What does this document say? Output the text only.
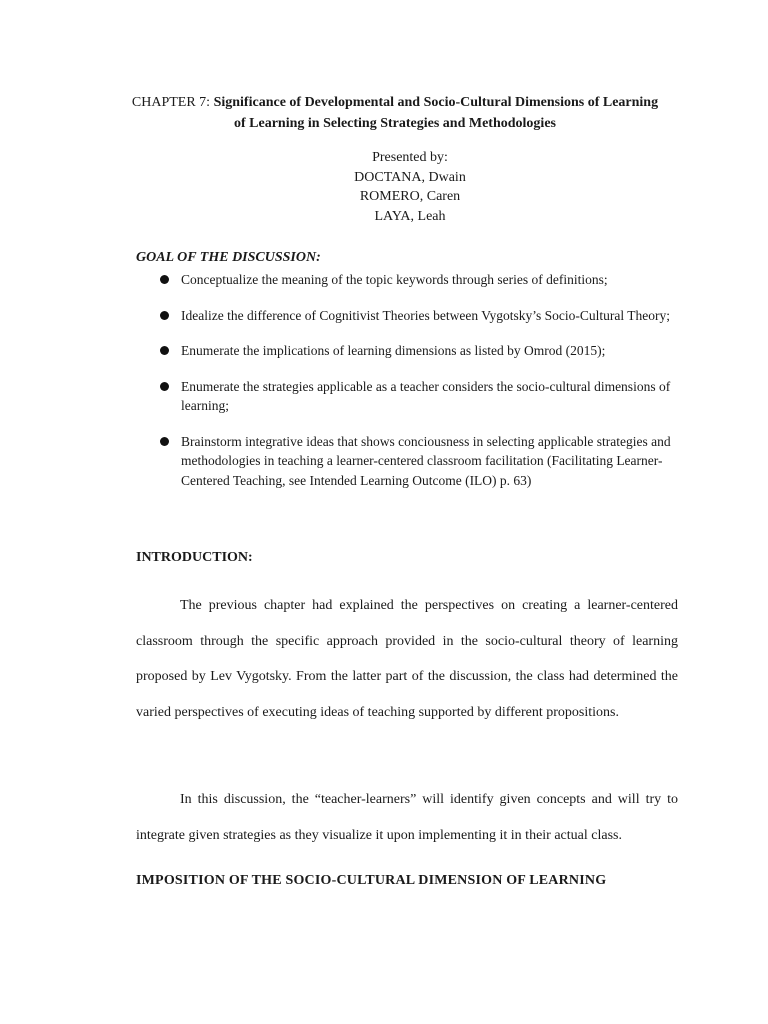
CHAPTER 7: Significance of Developmental and Socio-Cultural Dimensions of Learning of Learning in Selecting Strategies and Methodologies
Presented by:
DOCTANA, Dwain
ROMERO, Caren
LAYA, Leah
GOAL OF THE DISCUSSION:
Conceptualize the meaning of the topic keywords through series of definitions;
Idealize the difference of Cognitivist Theories between Vygotsky’s Socio-Cultural Theory;
Enumerate the implications of learning dimensions as listed by Omrod (2015);
Enumerate the strategies applicable as a teacher considers the socio-cultural dimensions of learning;
Brainstorm integrative ideas that shows conciousness in selecting applicable strategies and methodologies in teaching a learner-centered classroom facilitation (Facilitating Learner-Centered Teaching, see Intended Learning Outcome (ILO) p. 63)
INTRODUCTION:

The previous chapter had explained the perspectives on creating a learner-centered classroom through the specific approach provided in the socio-cultural theory of learning proposed by Lev Vygotsky. From the latter part of the discussion, the class had determined the varied perspectives of executing ideas of teaching supported by different propositions.

In this discussion, the “teacher-learners” will identify given concepts and will try to integrate given strategies as they visualize it upon implementing it in their actual class.

IMPOSITION OF THE SOCIO-CULTURAL DIMENSION OF LEARNING
